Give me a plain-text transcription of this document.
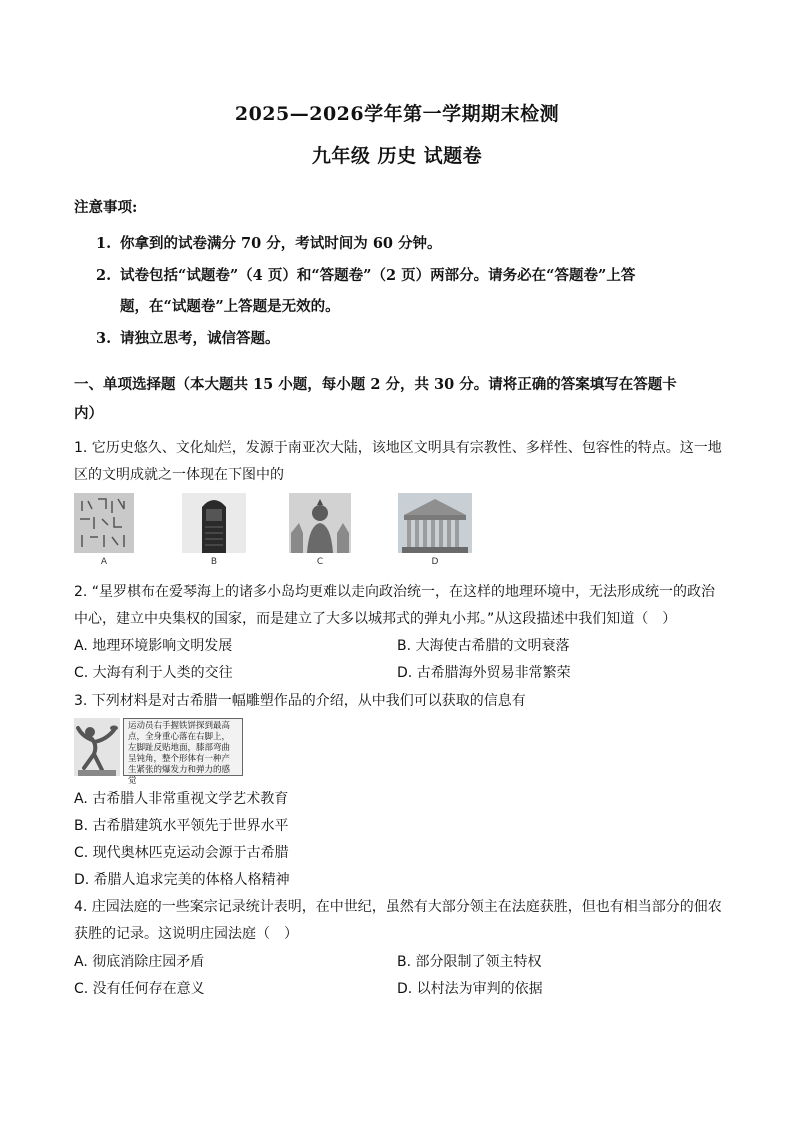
2025—2026学年第一学期期末检测
九年级 历史 试题卷
注意事项:
1. 你拿到的试卷满分 70 分，考试时间为 60 分钟。
2. 试卷包括“试题卷”（4 页）和“答题卷”（2 页）两部分。请务必在“答题卷”上答
题，在“试题卷”上答题是无效的。
3. 请独立思考，诚信答题。
一、单项选择题（本大题共 15 小题，每小题 2 分，共 30 分。请将正确的答案填写在答题卡
内）
1. 它历史悠久、文化灿烂，发源于南亚次大陆，该地区文明具有宗教性、多样性、包容性的特点。这一地
区的文明成就之一体现在下图中的
A	B	C	D
2. “星罗棋布在爱琴海上的诸多小岛均更难以走向政治统一，在这样的地理环境中，无法形成统一的政治
中心，建立中央集权的国家，而是建立了大多以城邦式的弹丸小邦。”从这段描述中我们知道（　）
A. 地理环境影响文明发展	B. 大海使古希腊的文明衰落
C. 大海有利于人类的交往	D. 古希腊海外贸易非常繁荣
3. 下列材料是对古希腊一幅雕塑作品的介绍，从中我们可以获取的信息有
运动员右手握铁饼探到最高点，全身重心落在右脚上，左脚趾反贴地面，膝部弯曲呈钝角，整个形体有一种产生紧张的爆发力和弹力的感觉
A. 古希腊人非常重视文学艺术教育
B. 古希腊建筑水平领先于世界水平
C. 现代奥林匹克运动会源于古希腊
D. 希腊人追求完美的体格人格精神
4. 庄园法庭的一些案宗记录统计表明，在中世纪，虽然有大部分领主在法庭获胜，但也有相当部分的佃农
获胜的记录。这说明庄园法庭（　）
A. 彻底消除庄园矛盾	B. 部分限制了领主特权
C. 没有任何存在意义	D. 以村法为审判的依据
